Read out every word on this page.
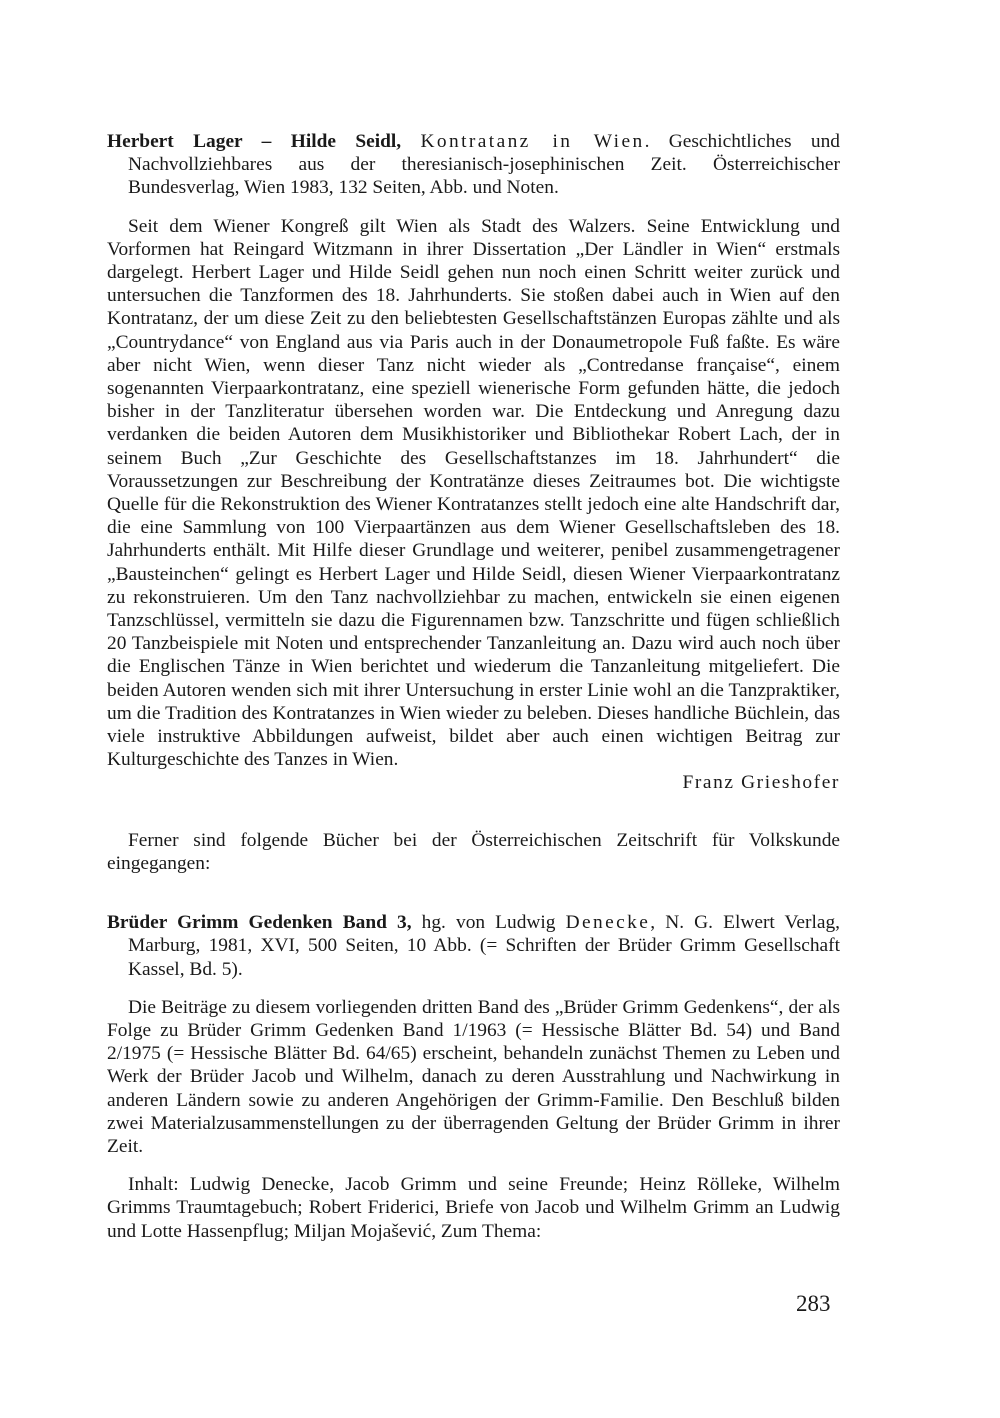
Herbert Lager – Hilde Seidl, Kontratanz in Wien. Geschichtliches und Nachvollziehbares aus der theresianisch-josephinischen Zeit. Österreichischer Bundesverlag, Wien 1983, 132 Seiten, Abb. und Noten.

Seit dem Wiener Kongreß gilt Wien als Stadt des Walzers. Seine Entwicklung und Vorformen hat Reingard Witzmann in ihrer Dissertation „Der Ländler in Wien“ erstmals dargelegt. Herbert Lager und Hilde Seidl gehen nun noch einen Schritt weiter zurück und untersuchen die Tanzformen des 18. Jahrhunderts. Sie stoßen dabei auch in Wien auf den Kontratanz, der um diese Zeit zu den beliebtesten Gesellschaftstänzen Europas zählte und als „Countrydance“ von England aus via Paris auch in der Donaumetropole Fuß faßte. Es wäre aber nicht Wien, wenn dieser Tanz nicht wieder als „Contredanse française“, einem sogenannten Vierpaarkontratanz, eine speziell wienerische Form gefunden hätte, die jedoch bisher in der Tanzliteratur übersehen worden war. Die Entdeckung und Anregung dazu verdanken die beiden Autoren dem Musikhistoriker und Bibliothekar Robert Lach, der in seinem Buch „Zur Geschichte des Gesellschaftstanzes im 18. Jahrhundert“ die Voraussetzungen zur Beschreibung der Kontratänze dieses Zeitraumes bot. Die wichtigste Quelle für die Rekonstruktion des Wiener Kontratanzes stellt jedoch eine alte Handschrift dar, die eine Sammlung von 100 Vierpaartänzen aus dem Wiener Gesellschaftsleben des 18. Jahrhunderts enthält. Mit Hilfe dieser Grundlage und weiterer, penibel zusammengetragener „Bausteinchen“ gelingt es Herbert Lager und Hilde Seidl, diesen Wiener Vierpaarkontratanz zu rekonstruieren. Um den Tanz nachvollziehbar zu machen, entwickeln sie einen eigenen Tanzschlüssel, vermitteln sie dazu die Figurennamen bzw. Tanzschritte und fügen schließlich 20 Tanzbeispiele mit Noten und entsprechender Tanzanleitung an. Dazu wird auch noch über die Englischen Tänze in Wien berichtet und wiederum die Tanzanleitung mitgeliefert. Die beiden Autoren wenden sich mit ihrer Untersuchung in erster Linie wohl an die Tanzpraktiker, um die Tradition des Kontratanzes in Wien wieder zu beleben. Dieses handliche Büchlein, das viele instruktive Abbildungen aufweist, bildet aber auch einen wichtigen Beitrag zur Kulturgeschichte des Tanzes in Wien.

Franz Grieshofer

Ferner sind folgende Bücher bei der Österreichischen Zeitschrift für Volkskunde eingegangen:

Brüder Grimm Gedenken Band 3, hg. von Ludwig Denecke, N. G. Elwert Verlag, Marburg, 1981, XVI, 500 Seiten, 10 Abb. (= Schriften der Brüder Grimm Gesellschaft Kassel, Bd. 5).

Die Beiträge zu diesem vorliegenden dritten Band des „Brüder Grimm Gedenkens“, der als Folge zu Brüder Grimm Gedenken Band 1/1963 (= Hessische Blätter Bd. 54) und Band 2/1975 (= Hessische Blätter Bd. 64/65) erscheint, behandeln zunächst Themen zu Leben und Werk der Brüder Jacob und Wilhelm, danach zu deren Ausstrahlung und Nachwirkung in anderen Ländern sowie zu anderen Angehörigen der Grimm-Familie. Den Beschluß bilden zwei Materialzusammenstellungen zu der überragenden Geltung der Brüder Grimm in ihrer Zeit.

Inhalt: Ludwig Denecke, Jacob Grimm und seine Freunde; Heinz Rölleke, Wilhelm Grimms Traumtagebuch; Robert Friderici, Briefe von Jacob und Wilhelm Grimm an Ludwig und Lotte Hassenpflug; Miljan Mojašević, Zum Thema:

283
